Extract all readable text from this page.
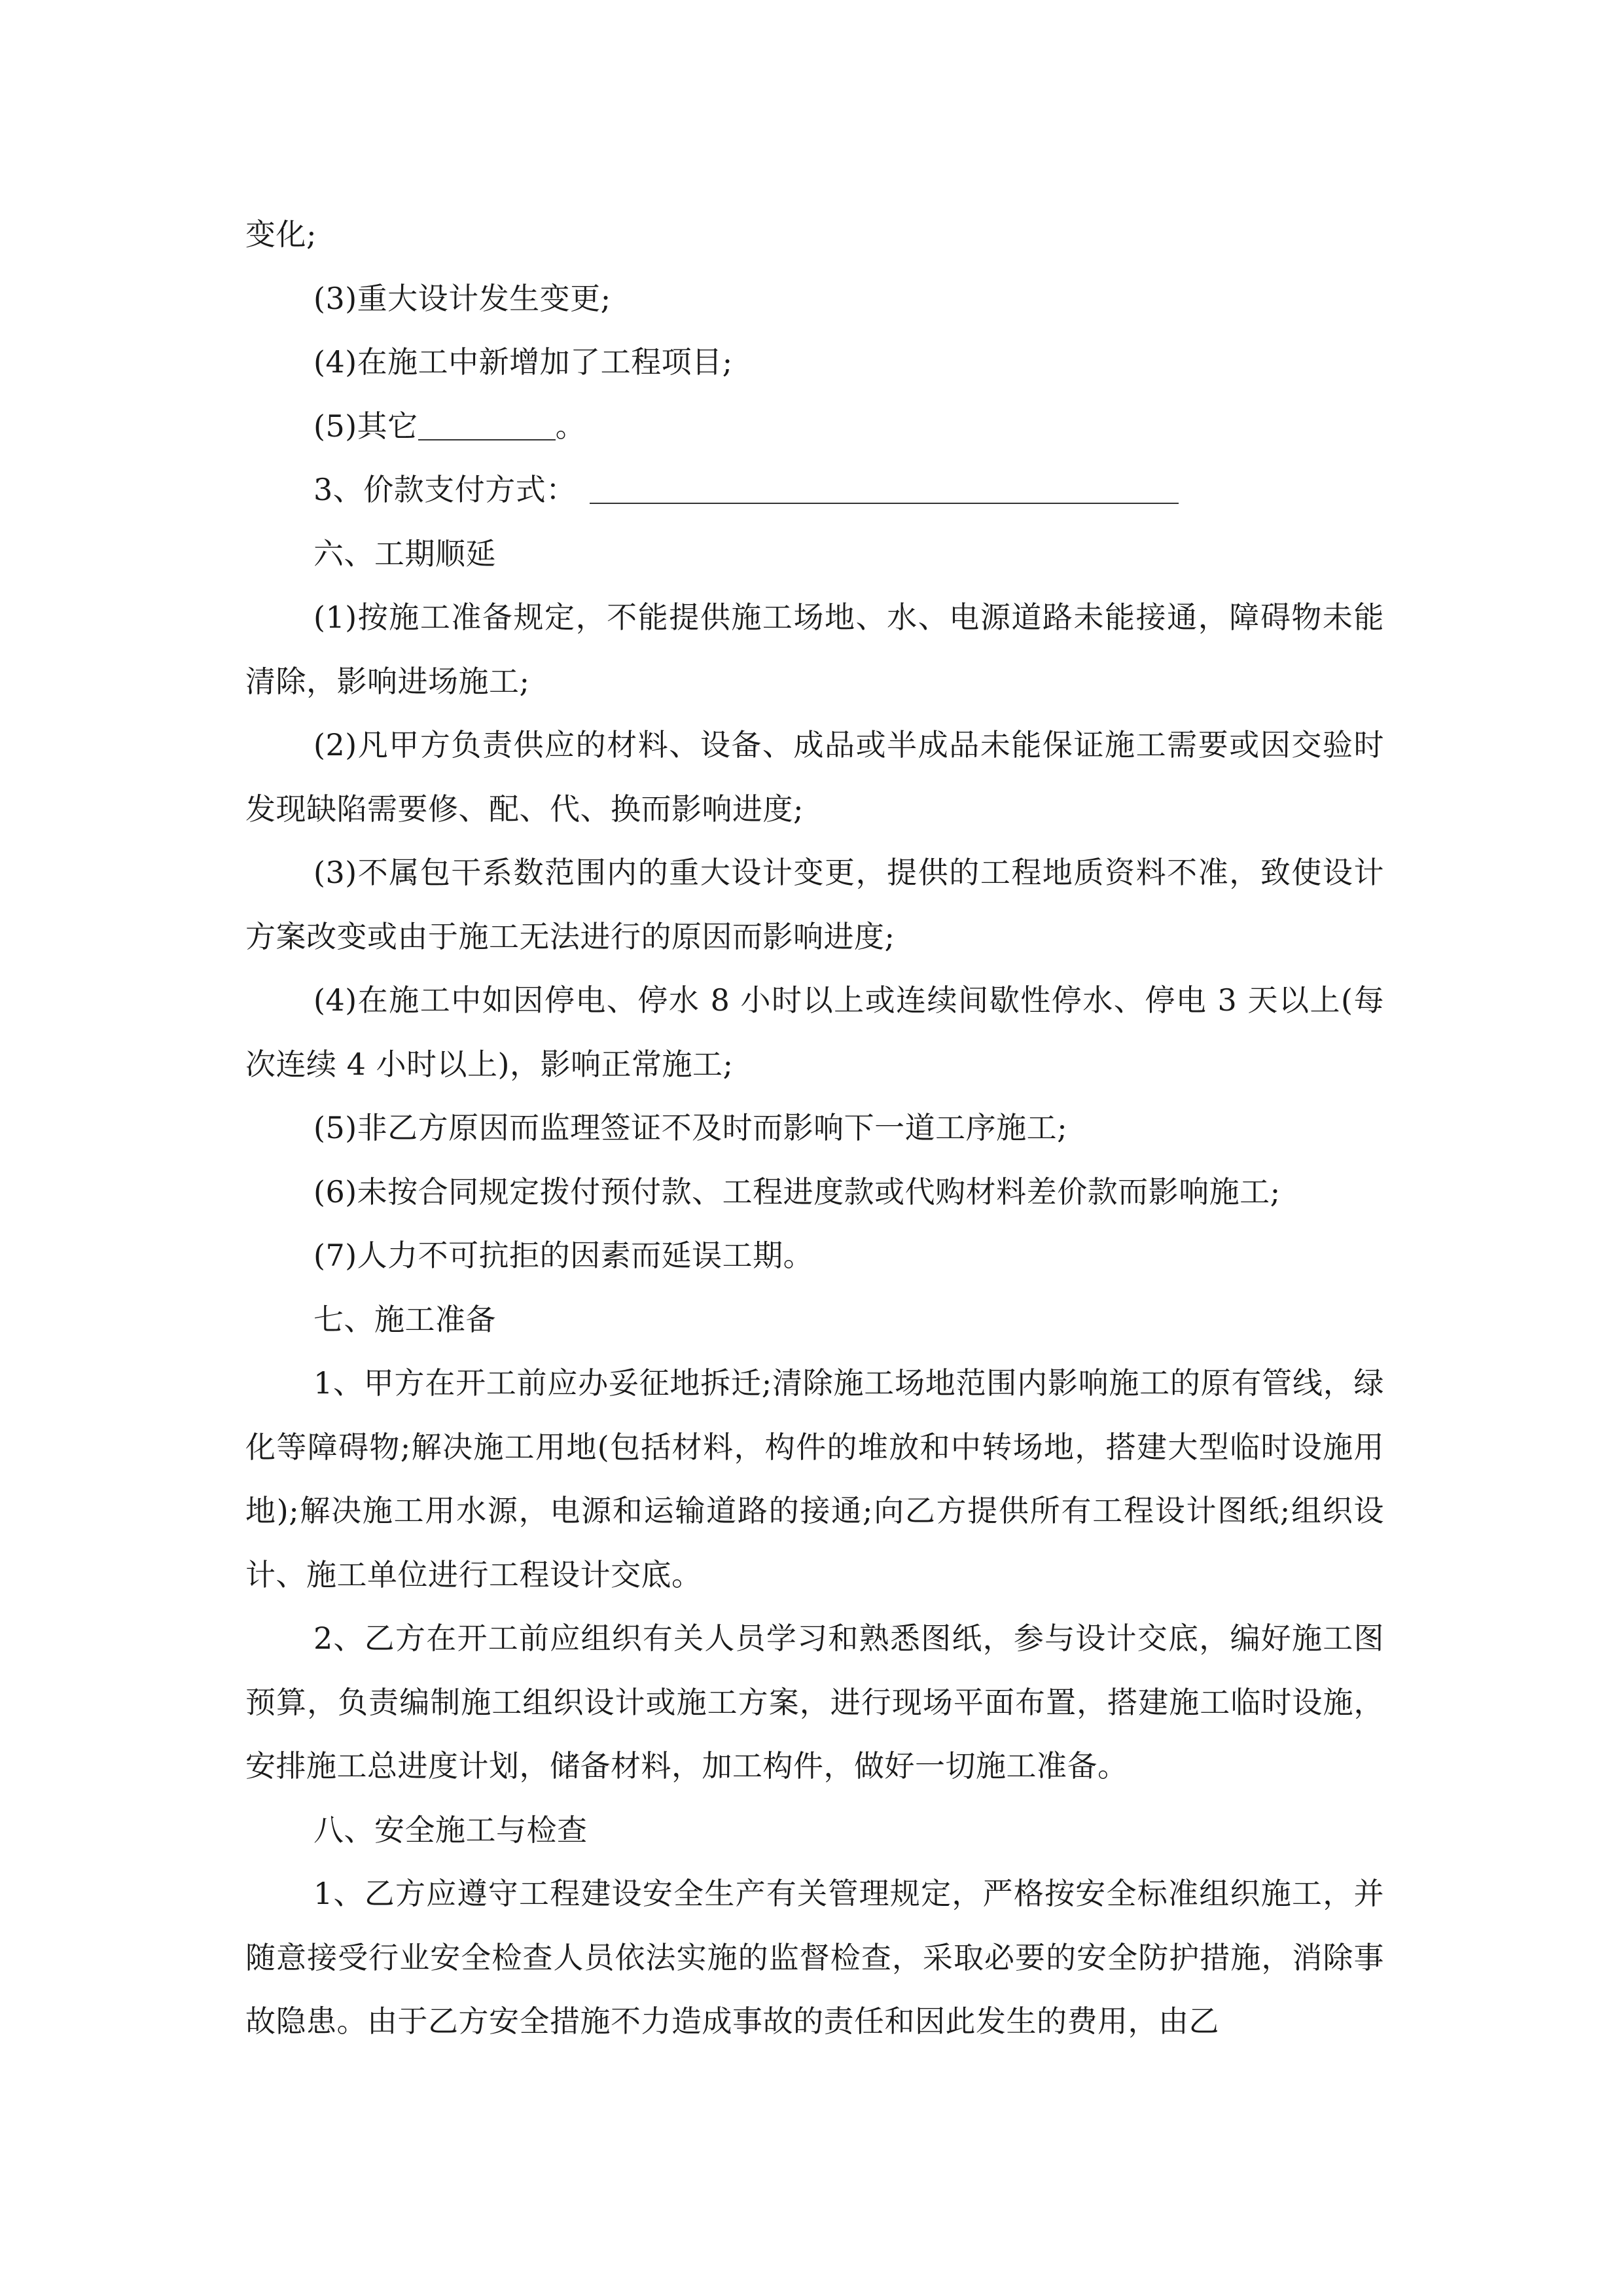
变化;

(3)重大设计发生变更;

(4)在施工中新增加了工程项目;

(5)其它	。

3、价款支付方式：

六、工期顺延

(1)按施工准备规定，不能提供施工场地、水、电源道路未能接通，障碍物未能清除，影响进场施工;

(2)凡甲方负责供应的材料、设备、成品或半成品未能保证施工需要或因交验时发现缺陷需要修、配、代、换而影响进度;

(3)不属包干系数范围内的重大设计变更，提供的工程地质资料不准，致使设计方案改变或由于施工无法进行的原因而影响进度;

(4)在施工中如因停电、停水 8 小时以上或连续间歇性停水、停电 3 天以上(每次连续 4 小时以上)，影响正常施工;

(5)非乙方原因而监理签证不及时而影响下一道工序施工;

(6)未按合同规定拨付预付款、工程进度款或代购材料差价款而影响施工;

(7)人力不可抗拒的因素而延误工期。

七、施工准备

1、甲方在开工前应办妥征地拆迁;清除施工场地范围内影响施工的原有管线，绿化等障碍物;解决施工用地(包括材料，构件的堆放和中转场地，搭建大型临时设施用地);解决施工用水源，电源和运输道路的接通;向乙方提供所有工程设计图纸;组织设计、施工单位进行工程设计交底。

2、乙方在开工前应组织有关人员学习和熟悉图纸，参与设计交底，编好施工图预算，负责编制施工组织设计或施工方案，进行现场平面布置，搭建施工临时设施，安排施工总进度计划，储备材料，加工构件，做好一切施工准备。

八、安全施工与检查

1、乙方应遵守工程建设安全生产有关管理规定，严格按安全标准组织施工，并随意接受行业安全检查人员依法实施的监督检查，采取必要的安全防护措施，消除事故隐患。由于乙方安全措施不力造成事故的责任和因此发生的费用，由乙
